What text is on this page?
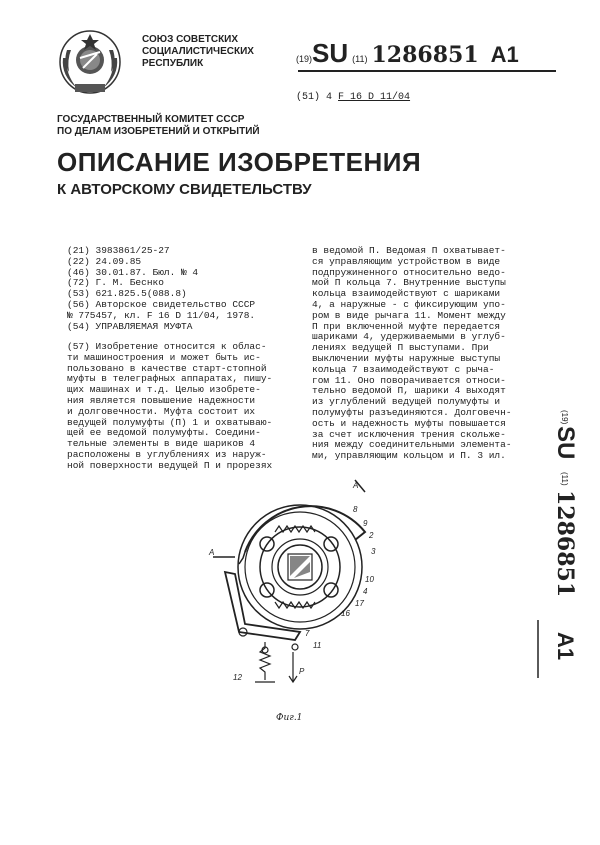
СОЮЗ СОВЕТСКИХ
СОЦИАЛИСТИЧЕСКИХ
РЕСПУБЛИК	(19)SU (11) 1286851 A1
(51) 4 F 16 D 11/04
ГОСУДАРСТВЕННЫЙ КОМИТЕТ СССР
ПО ДЕЛАМ ИЗОБРЕТЕНИЙ И ОТКРЫТИЙ
ОПИСАНИЕ ИЗОБРЕТЕНИЯ
К АВТОРСКОМУ СВИДЕТЕЛЬСТВУ
(21) 3983861/25-27
(22) 24.09.85
(46) 30.01.87. Бюл. № 4
(72) Г. М. Беснко
(53) 621.825.5(088.8)
(56) Авторское свидетельство СССР
№ 775457, кл. F 16 D 11/04, 1978.
(54) УПРАВЛЯЕМАЯ МУФТА
(57) Изобретение относится к облас-
ти машиностроения и может быть ис-
пользовано в качестве старт-стопной
муфты в телеграфных аппаратах, пишу-
щих машинах и т.д. Целью изобрете-
ния является повышение надежности
и долговечности. Муфта состоит их
ведущей полумуфты (П) 1 и охватываю-
щей ее ведомой полумуфты. Соедини-
тельные элементы в виде шариков 4
расположены в углублениях из наруж-
ной поверхности ведущей П и прорезях
в ведомой П. Ведомая П охватывает-
ся управляющим устройством в виде
подпружиненного относительно ведо-
мой П кольца 7. Внутренние выступы
кольца взаимодействуют с шариками
4, а наружные - с фиксирующим упо-
ром в виде рычага 11. Момент между
П при включенной муфте передается
шариками 4, удерживаемыми в углуб-
лениях ведущей П выступами. При
выключении муфты наружные выступы
кольца 7 взаимодействуют с рыча-
гом 11. Оно поворачивается относи-
тельно ведомой П, шарики 4 выходят
из углублений ведущей полумуфты и
полумуфты разъединяются. Долговечн-
ость и надежность муфты повышается
за счет исключения трения скольже-
ния между соединительными элемента-
ми, управляющим кольцом и П. 3 ил.
(19)
SU
(11)
1286851
A1
A
A
8
9
2
3
10
4
17
16
7
11
12
P
Фиг.1
